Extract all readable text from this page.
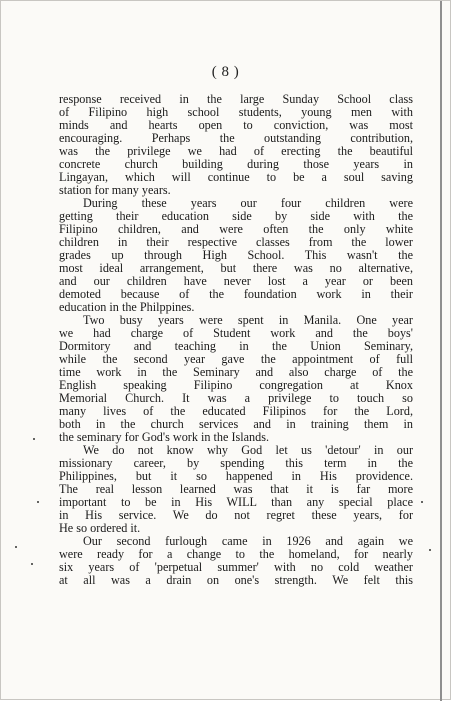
( 8 )
response received in the large Sunday School class
of Filipino high school students, young men with
minds and hearts open to conviction, was most
encouraging. Perhaps the outstanding contribution,
was the privilege we had of erecting the beautiful
concrete church building during those years in
Lingayan, which will continue to be a soul saving
station for many years.
During these years our four children were
getting their education side by side with the
Filipino children, and were often the only white
children in their respective classes from the lower
grades up through High School. This wasn't the
most ideal arrangement, but there was no alternative,
and our children have never lost a year or been
demoted because of the foundation work in their
education in the Philppines.
Two busy years were spent in Manila. One year
we had charge of Student work and the boys'
Dormitory and teaching in the Union Seminary,
while the second year gave the appointment of full
time work in the Seminary and also charge of the
English speaking Filipino congregation at Knox
Memorial Church. It was a privilege to touch so
many lives of the educated Filipinos for the Lord,
both in the church services and in training them in
the seminary for God's work in the Islands.
We do not know why God let us 'detour' in our
missionary career, by spending this term in the
Philippines, but it so happened in His providence.
The real lesson learned was that it is far more
important to be in His WILL than any special place
in His service. We do not regret these years, for
He so ordered it.
Our second furlough came in 1926 and again we
were ready for a change to the homeland, for nearly
six years of 'perpetual summer' with no cold weather
at all was a drain on one's strength. We felt this
